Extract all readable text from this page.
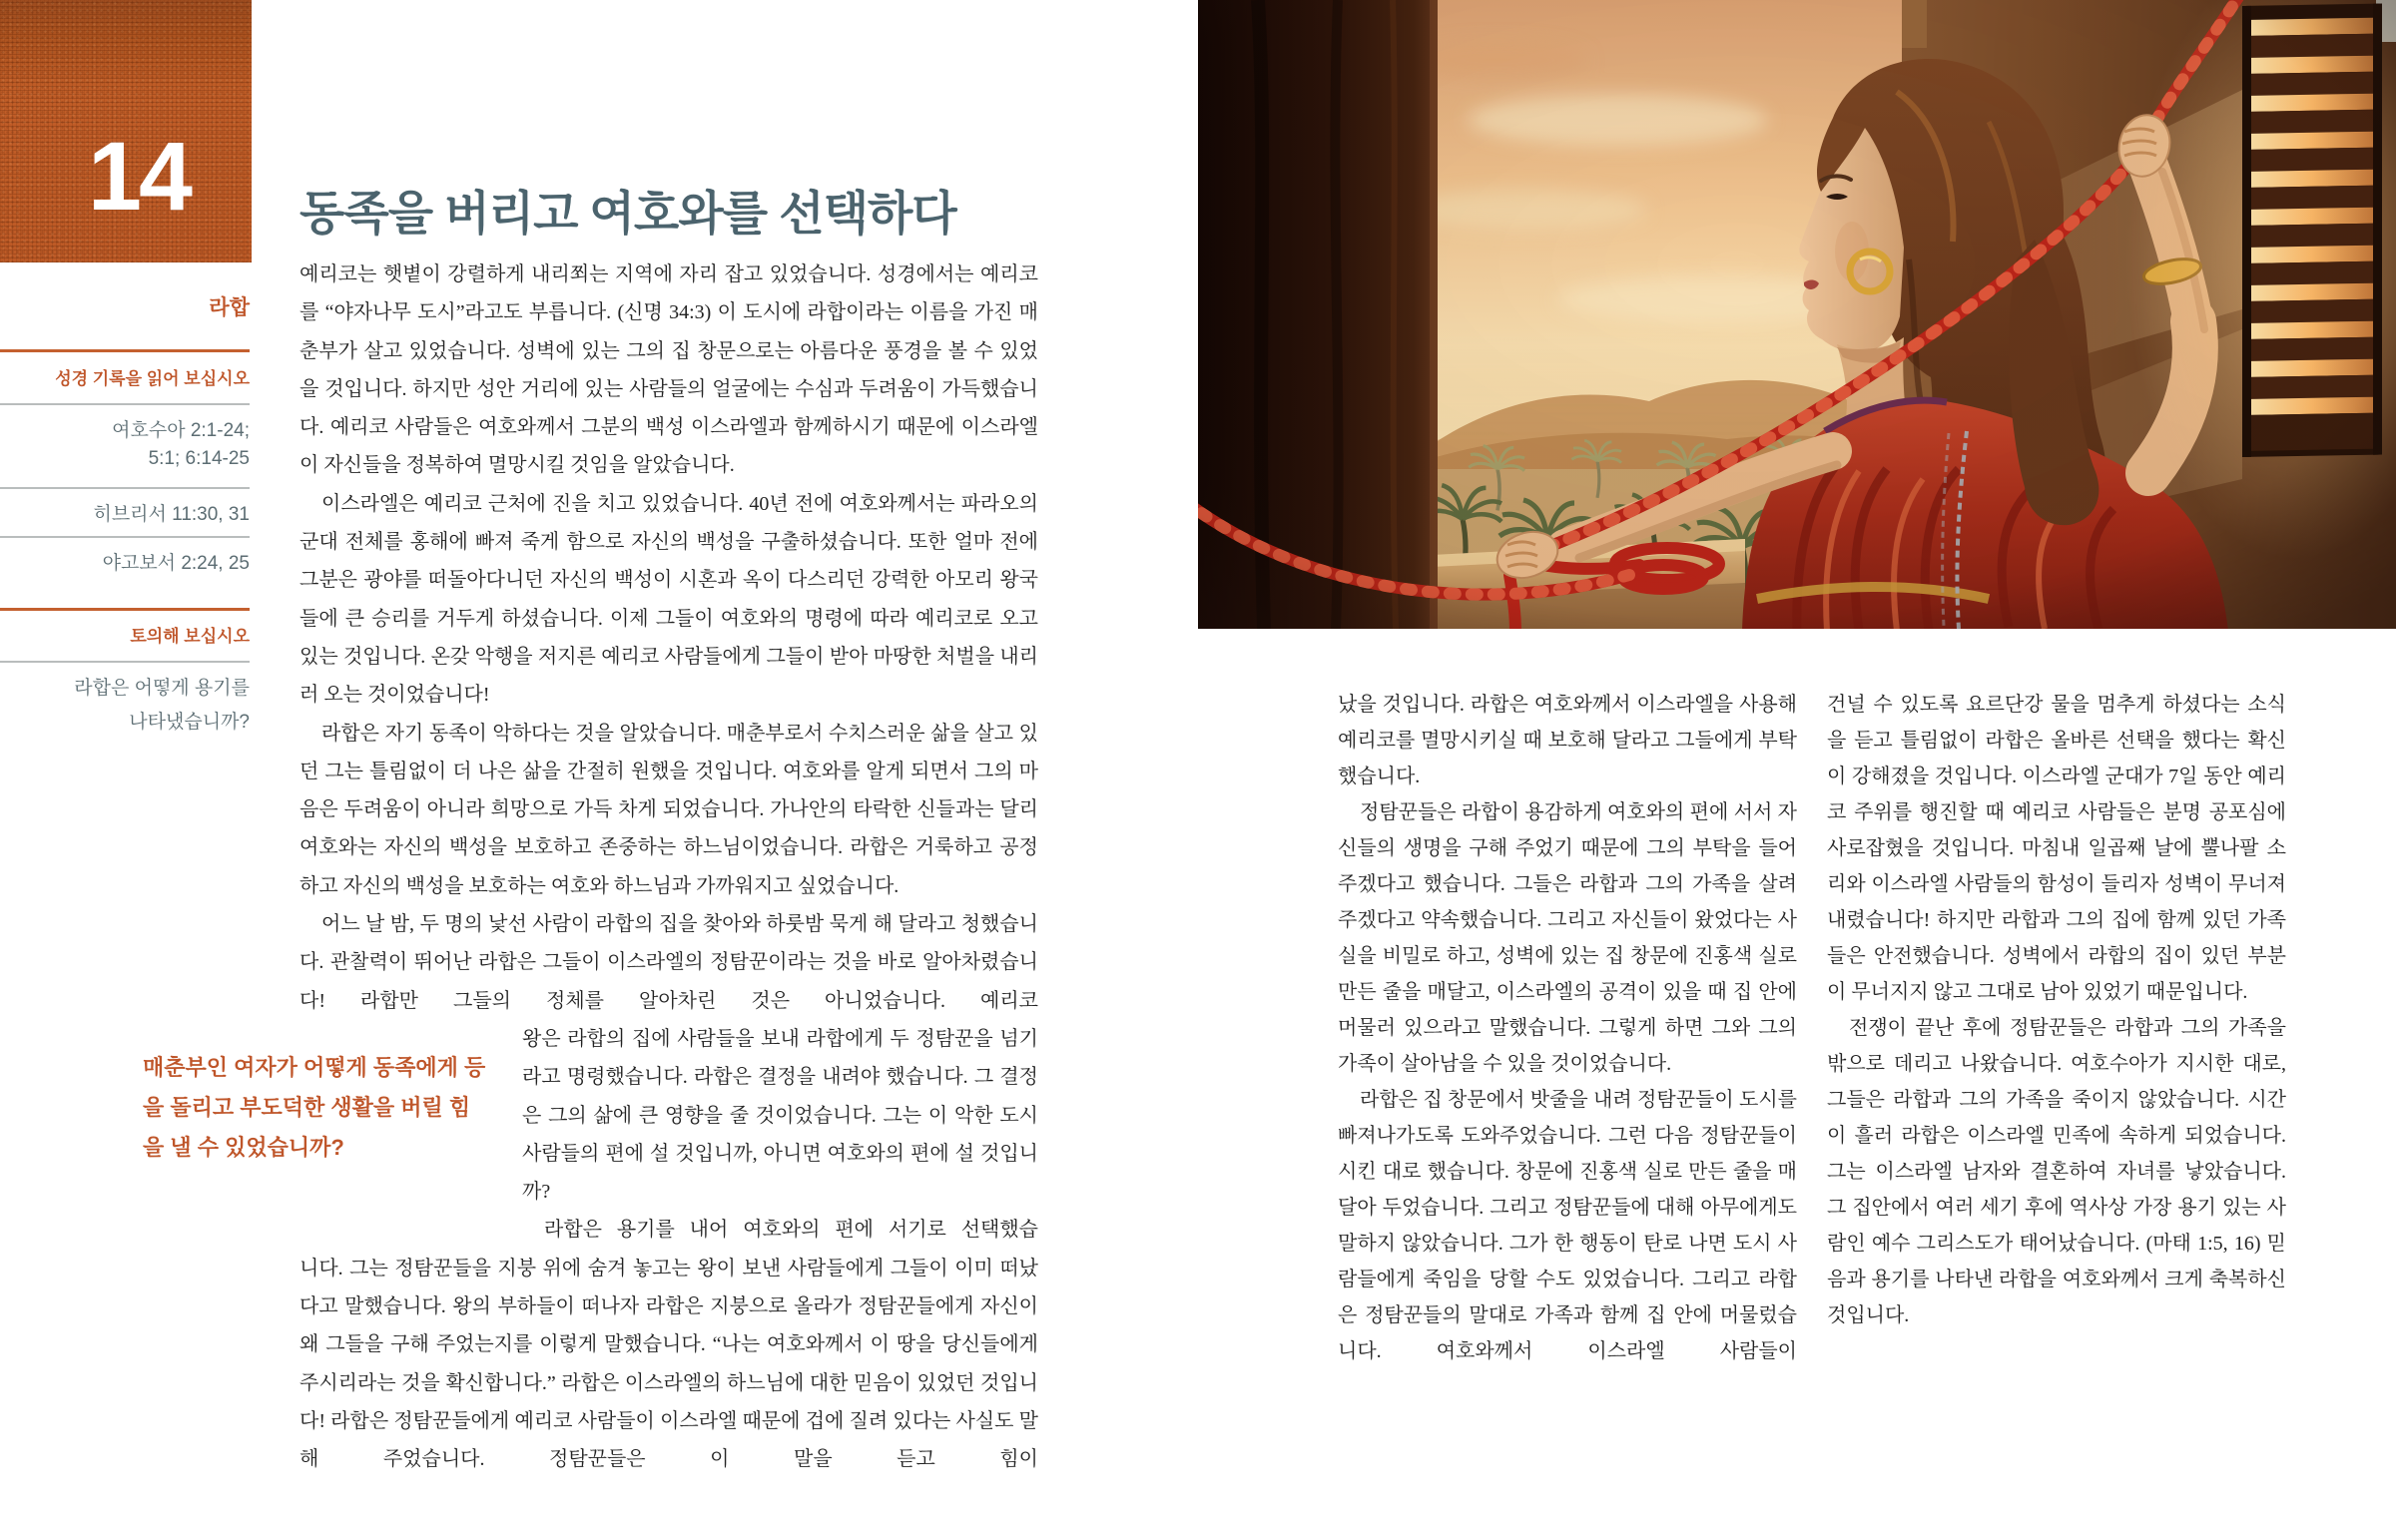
14
라합
성경 기록을 읽어 보십시오
여호수아 2:1-24;
5:1; 6:14-25
히브리서 11:30, 31
야고보서 2:24, 25
토의해 보십시오
라합은 어떻게 용기를
나타냈습니까?
동족을 버리고 여호와를 선택하다

예리코는 햇볕이 강렬하게 내리쬐는 지역에 자리 잡고 있었습니다. 성경에서는 예리코를 “야자나무 도시”라고도 부릅니다. (신명 34:3) 이 도시에 라합이라는 이름을 가진 매춘부가 살고 있었습니다. 성벽에 있는 그의 집 창문으로는 아름다운 풍경을 볼 수 있었을 것입니다. 하지만 성안 거리에 있는 사람들의 얼굴에는 수심과 두려움이 가득했습니다. 예리코 사람들은 여호와께서 그분의 백성 이스라엘과 함께하시기 때문에 이스라엘이 자신들을 정복하여 멸망시킬 것임을 알았습니다.

이스라엘은 예리코 근처에 진을 치고 있었습니다. 40년 전에 여호와께서는 파라오의 군대 전체를 홍해에 빠져 죽게 함으로 자신의 백성을 구출하셨습니다. 또한 얼마 전에 그분은 광야를 떠돌아다니던 자신의 백성이 시혼과 옥이 다스리던 강력한 아모리 왕국들에 큰 승리를 거두게 하셨습니다. 이제 그들이 여호와의 명령에 따라 예리코로 오고 있는 것입니다. 온갖 악행을 저지른 예리코 사람들에게 그들이 받아 마땅한 처벌을 내리러 오는 것이었습니다!

라합은 자기 동족이 악하다는 것을 알았습니다. 매춘부로서 수치스러운 삶을 살고 있던 그는 틀림없이 더 나은 삶을 간절히 원했을 것입니다. 여호와를 알게 되면서 그의 마음은 두려움이 아니라 희망으로 가득 차게 되었습니다. 가나안의 타락한 신들과는 달리 여호와는 자신의 백성을 보호하고 존중하는 하느님이었습니다. 라합은 거룩하고 공정하고 자신의 백성을 보호하는 여호와 하느님과 가까워지고 싶었습니다.

어느 날 밤, 두 명의 낯선 사람이 라합의 집을 찾아와 하룻밤 묵게 해 달라고 청했습니다. 관찰력이 뛰어난 라합은 그들이 이스라엘의 정탐꾼이라는 것을 바로 알아차렸습니다! 라합만 그들의 정체를 알아차린 것은 아니었습니다. 예리코

매춘부인 여자가 어떻게 동족에게 등을 돌리고 부도덕한 생활을 버릴 힘을 낼 수 있었습니까?

왕은 라합의 집에 사람들을 보내 라합에게 두 정탐꾼을 넘기라고 명령했습니다. 라합은 결정을 내려야 했습니다. 그 결정은 그의 삶에 큰 영향을 줄 것이었습니다. 그는 이 악한 도시 사람들의 편에 설 것입니까, 아니면 여호와의 편에 설 것입니까?

라합은 용기를 내어 여호와의 편에 서기로 선택했습

니다. 그는 정탐꾼들을 지붕 위에 숨겨 놓고는 왕이 보낸 사람들에게 그들이 이미 떠났다고 말했습니다. 왕의 부하들이 떠나자 라합은 지붕으로 올라가 정탐꾼들에게 자신이 왜 그들을 구해 주었는지를 이렇게 말했습니다. “나는 여호와께서 이 땅을 당신들에게 주시리라는 것을 확신합니다.” 라합은 이스라엘의 하느님에 대한 믿음이 있었던 것입니다! 라합은 정탐꾼들에게 예리코 사람들이 이스라엘 때문에 겁에 질려 있다는 사실도 말해 주었습니다. 정탐꾼들은 이 말을 듣고 힘이

났을 것입니다. 라합은 여호와께서 이스라엘을 사용해 예리코를 멸망시키실 때 보호해 달라고 그들에게 부탁했습니다.

정탐꾼들은 라합이 용감하게 여호와의 편에 서서 자신들의 생명을 구해 주었기 때문에 그의 부탁을 들어주겠다고 했습니다. 그들은 라합과 그의 가족을 살려 주겠다고 약속했습니다. 그리고 자신들이 왔었다는 사실을 비밀로 하고, 성벽에 있는 집 창문에 진홍색 실로 만든 줄을 매달고, 이스라엘의 공격이 있을 때 집 안에 머물러 있으라고 말했습니다. 그렇게 하면 그와 그의 가족이 살아남을 수 있을 것이었습니다.

라합은 집 창문에서 밧줄을 내려 정탐꾼들이 도시를 빠져나가도록 도와주었습니다. 그런 다음 정탐꾼들이 시킨 대로 했습니다. 창문에 진홍색 실로 만든 줄을 매달아 두었습니다. 그리고 정탐꾼들에 대해 아무에게도 말하지 않았습니다. 그가 한 행동이 탄로 나면 도시 사람들에게 죽임을 당할 수도 있었습니다. 그리고 라합은 정탐꾼들의 말대로 가족과 함께 집 안에 머물렀습니다. 여호와께서 이스라엘 사람들이

건널 수 있도록 요르단강 물을 멈추게 하셨다는 소식을 듣고 틀림없이 라합은 올바른 선택을 했다는 확신이 강해졌을 것입니다. 이스라엘 군대가 7일 동안 예리코 주위를 행진할 때 예리코 사람들은 분명 공포심에 사로잡혔을 것입니다. 마침내 일곱째 날에 뿔나팔 소리와 이스라엘 사람들의 함성이 들리자 성벽이 무너져 내렸습니다! 하지만 라합과 그의 집에 함께 있던 가족들은 안전했습니다. 성벽에서 라합의 집이 있던 부분이 무너지지 않고 그대로 남아 있었기 때문입니다.

전쟁이 끝난 후에 정탐꾼들은 라합과 그의 가족을 밖으로 데리고 나왔습니다. 여호수아가 지시한 대로, 그들은 라합과 그의 가족을 죽이지 않았습니다. 시간이 흘러 라합은 이스라엘 민족에 속하게 되었습니다. 그는 이스라엘 남자와 결혼하여 자녀를 낳았습니다. 그 집안에서 여러 세기 후에 역사상 가장 용기 있는 사람인 예수 그리스도가 태어났습니다. (마태 1:5, 16) 믿음과 용기를 나타낸 라합을 여호와께서 크게 축복하신 것입니다.
